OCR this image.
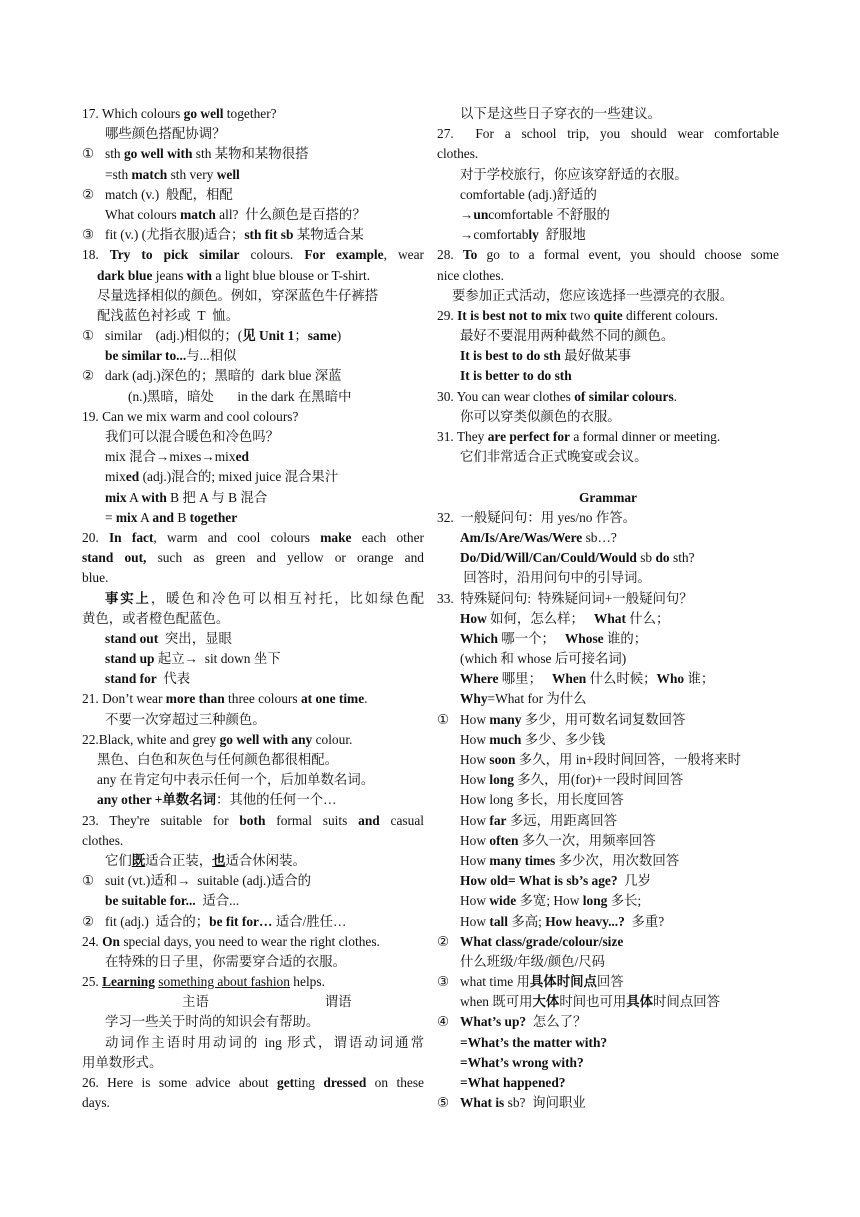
17. Which colours go well together?
哪些颜色搭配协调？
① sth go well with sth 某物和某物很搭
=sth match sth very well
② match (v.)  般配，相配
What colours match all?  什么颜色是百搭的？
③ fit (v.) (尤指衣服)适合；sth fit sb 某物适合某
18. Try to pick similar colours. For example, wear
dark blue jeans with a light blue blouse or T-shirt.
尽量选择相似的颜色。例如，穿深蓝色牛仔裤搭
配浅蓝色衬衫或  T  恤。
① similar    (adj.)相似的；(见 Unit 1；same)
be similar to...与...相似
② dark (adj.)深色的；黑暗的  dark blue 深蓝
(n.)黑暗，暗处       in the dark 在黑暗中
19. Can we mix warm and cool colours?
我们可以混合暖色和冷色吗？
mix 混合→mixes→mixed
mixed (adj.)混合的; mixed juice 混合果汁
mix A with B 把 A 与 B 混合
= mix A and B together
20. In fact, warm and cool colours make each other
stand out, such as green and yellow or orange and
blue.
事实上，暖色和冷色可以相互衬托，比如绿色配
黄色，或者橙色配蓝色。
stand out  突出，显眼
stand up 起立→  sit down 坐下
stand for  代表
21. Don’t wear more than three colours at one time.
不要一次穿超过三种颜色。
22.Black, white and grey go well with any colour.
黑色、白色和灰色与任何颜色都很相配。
any 在肯定句中表示任何一个，后加单数名词。
any other +单数名词：其他的任何一个…
23. They're suitable for both formal suits and casual
clothes.
它们既适合正装，也适合休闲装。
① suit (vt.)适和→  suitable (adj.)适合的
be suitable for...  适合...
② fit (adj.)  适合的；be fit for… 适合/胜任…
24. On special days, you need to wear the right clothes.
在特殊的日子里，你需要穿合适的衣服。
25. Learning something about fashion helps.
主语	谓语
学习一些关于时尚的知识会有帮助。
动词作主语时用动词的 ing 形式，谓语动词通常
用单数形式。
26. Here is some advice about getting dressed on these
days.
以下是这些日子穿衣的一些建议。
27.  For a school trip, you should wear comfortable
clothes.
对于学校旅行，你应该穿舒适的衣服。
comfortable (adj.)舒适的
→uncomfortable 不舒服的
→comfortably  舒服地
28. To go to a formal event, you should choose some
nice clothes.
要参加正式活动，您应该选择一些漂亮的衣服。
29. It is best not to mix two quite different colours.
最好不要混用两种截然不同的颜色。
It is best to do sth 最好做某事
It is better to do sth
30. You can wear clothes of similar colours.
你可以穿类似颜色的衣服。
31. They are perfect for a formal dinner or meeting.
它们非常适合正式晚宴或会议。

Grammar
32.  一般疑问句：用 yes/no 作答。
Am/Is/Are/Was/Were sb…?
Do/Did/Will/Can/Could/Would sb do sth?
回答时，沿用问句中的引导词。
33.  特殊疑问句:  特殊疑问词+一般疑问句？
How 如何，怎么样；   What 什么；
Which 哪一个；   Whose 谁的；
(which 和 whose 后可接名词)
Where 哪里；   When 什么时候；Who 谁；
Why=What for 为什么
① How many 多少，用可数名词复数回答
How much 多少、多少钱
How soon 多久，用 in+段时间回答，一般将来时
How long 多久，用(for)+一段时间回答
How long 多长，用长度回答
How far 多远，用距离回答
How often 多久一次，用频率回答
How many times 多少次，用次数回答
How old= What is sb’s age?  几岁
How wide 多宽; How long 多长;
How tall 多高; How heavy...?  多重?
② What class/grade/colour/size
什么班级/年级/颜色/尺码
③ what time 用具体时间点回答
when 既可用大体时间也可用具体时间点回答
④ What’s up?  怎么了？
=What’s the matter with?
=What’s wrong with?
=What happened?
⑤ What is sb?  询问职业
